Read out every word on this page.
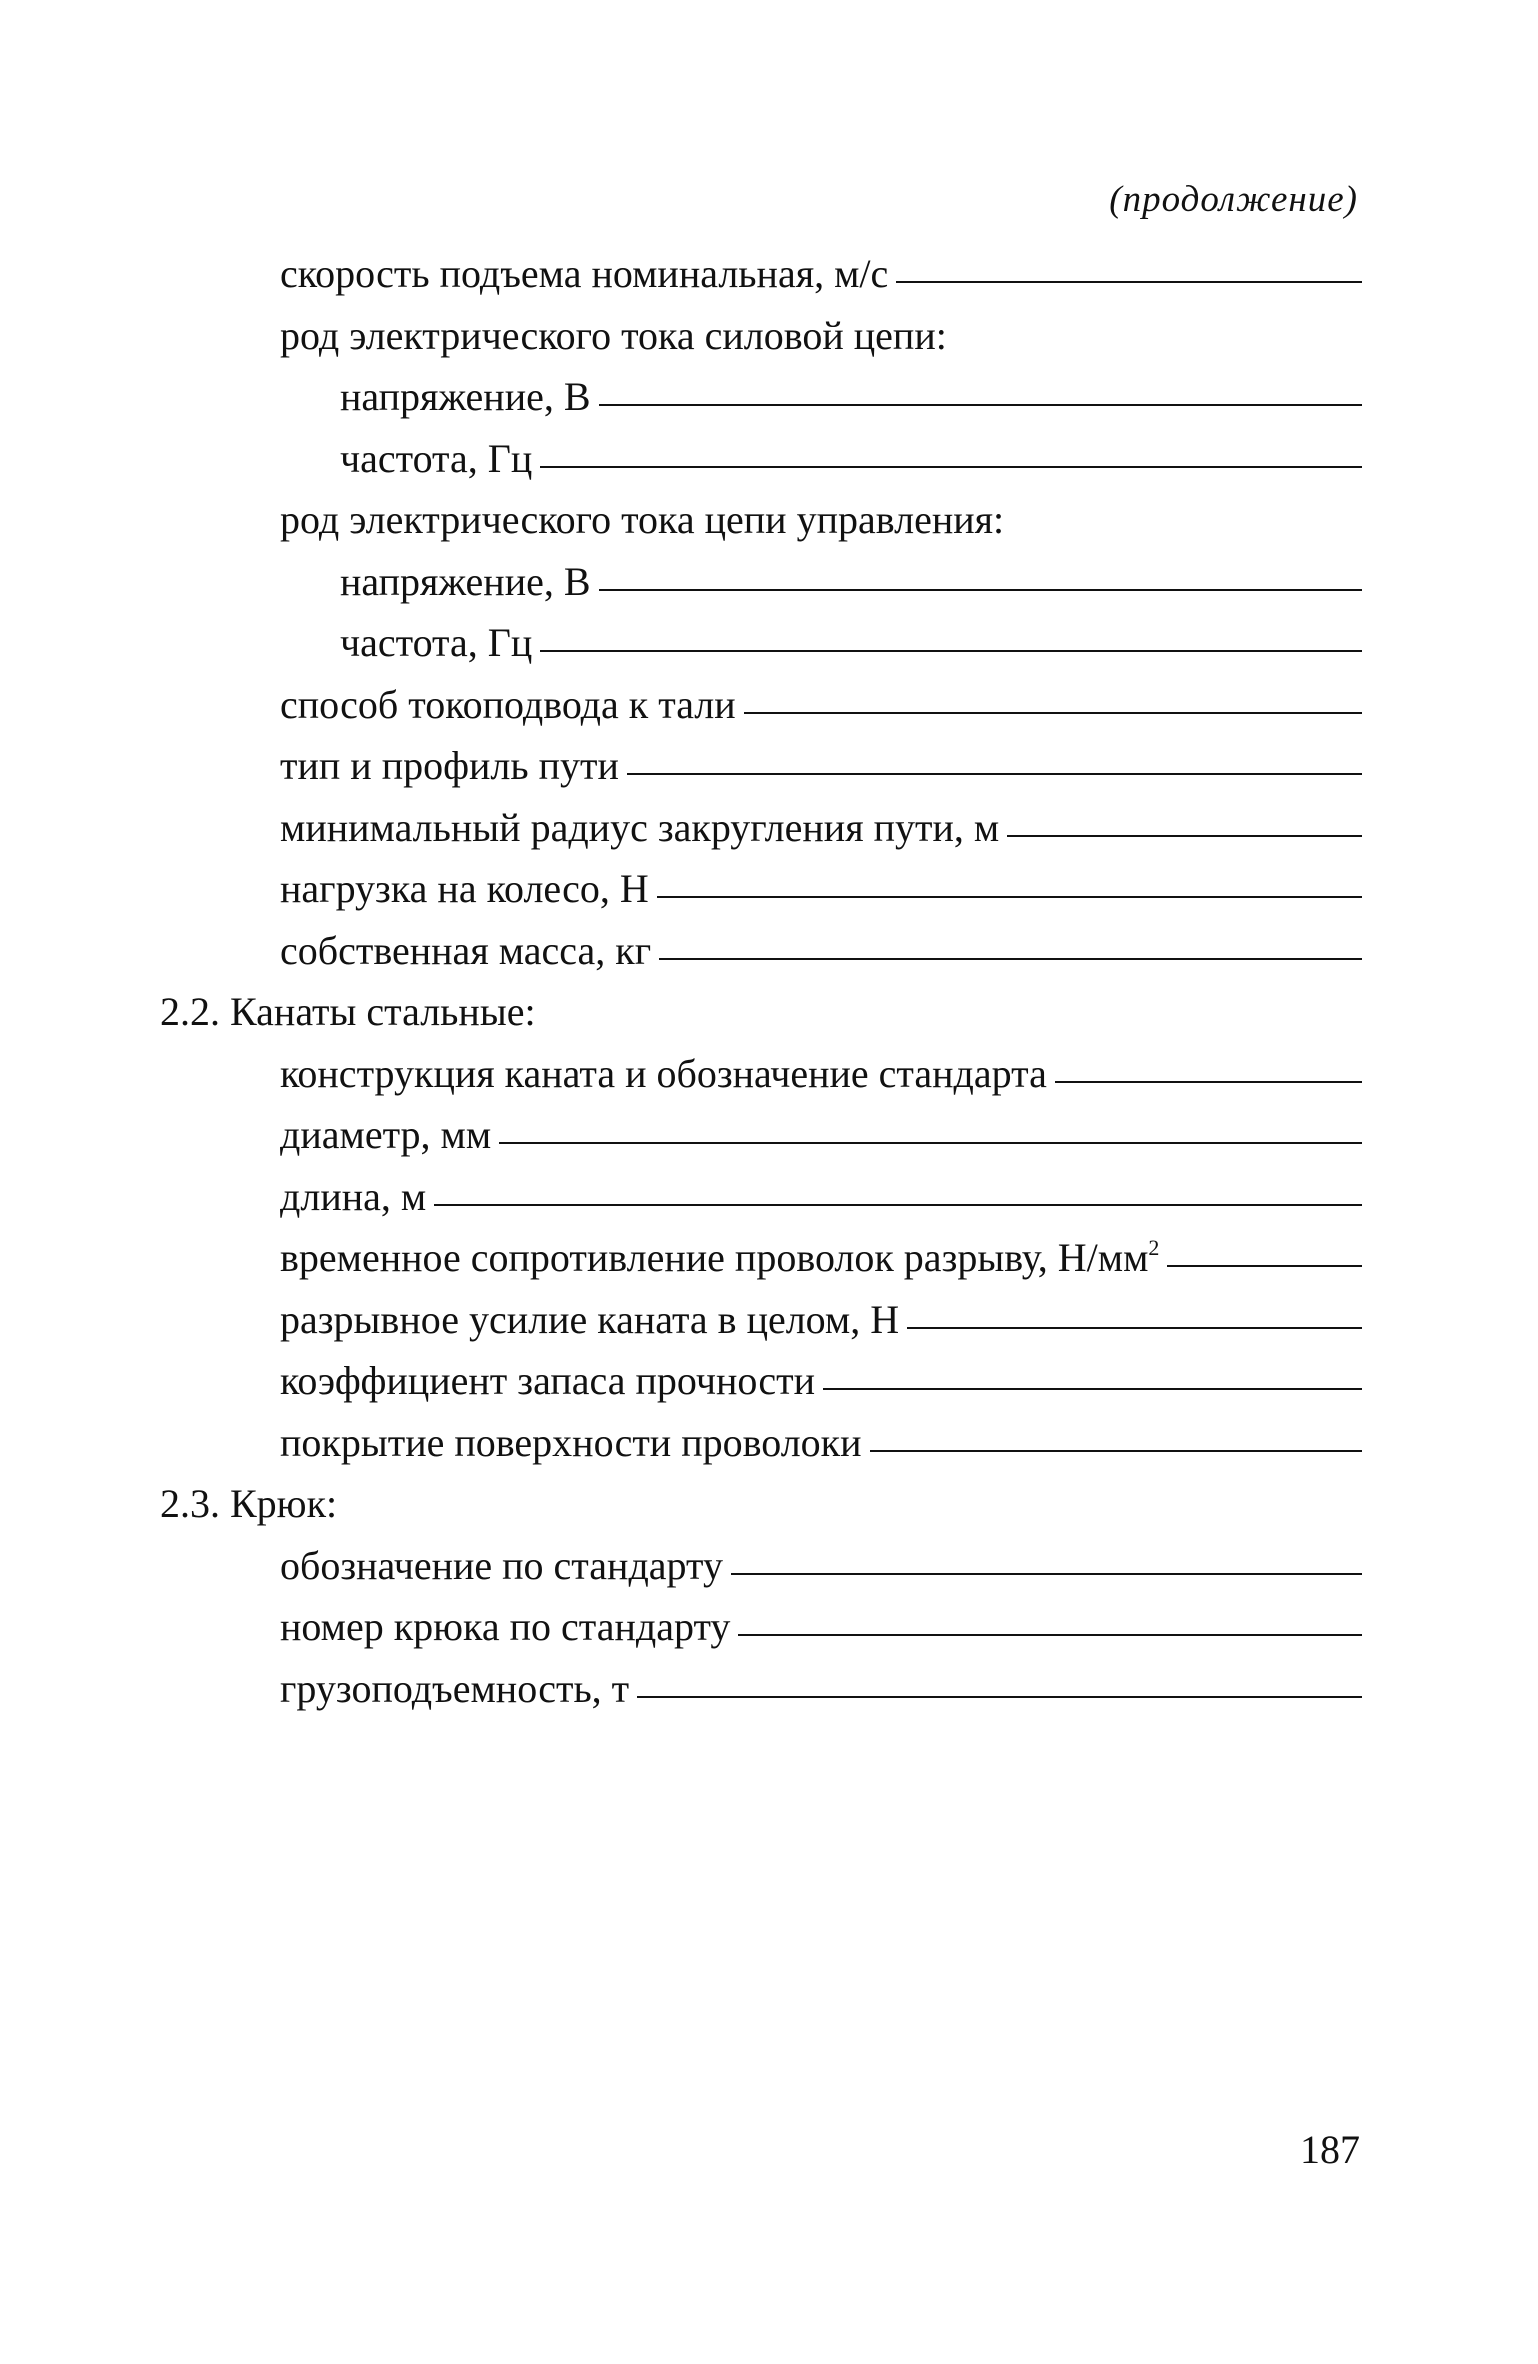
(продолжение)
скорость подъема номинальная, м/с
род электрического тока силовой цепи:
напряжение, В
частота, Гц
род электрического тока цепи управления:
напряжение, В
частота, Гц
способ токоподвода к тали
тип и профиль пути
минимальный радиус закругления пути, м
нагрузка на колесо, Н
собственная масса, кг
2.2. Канаты стальные:
конструкция каната и обозначение стандарта
диаметр, мм
длина, м
временное сопротивление проволок разрыву, $Н/мм^2$
разрывное усилие каната в целом, Н
коэффициент запаса прочности
покрытие поверхности проволоки
2.3. Крюк:
обозначение по стандарту
номер крюка по стандарту
грузоподъемность, т
187
